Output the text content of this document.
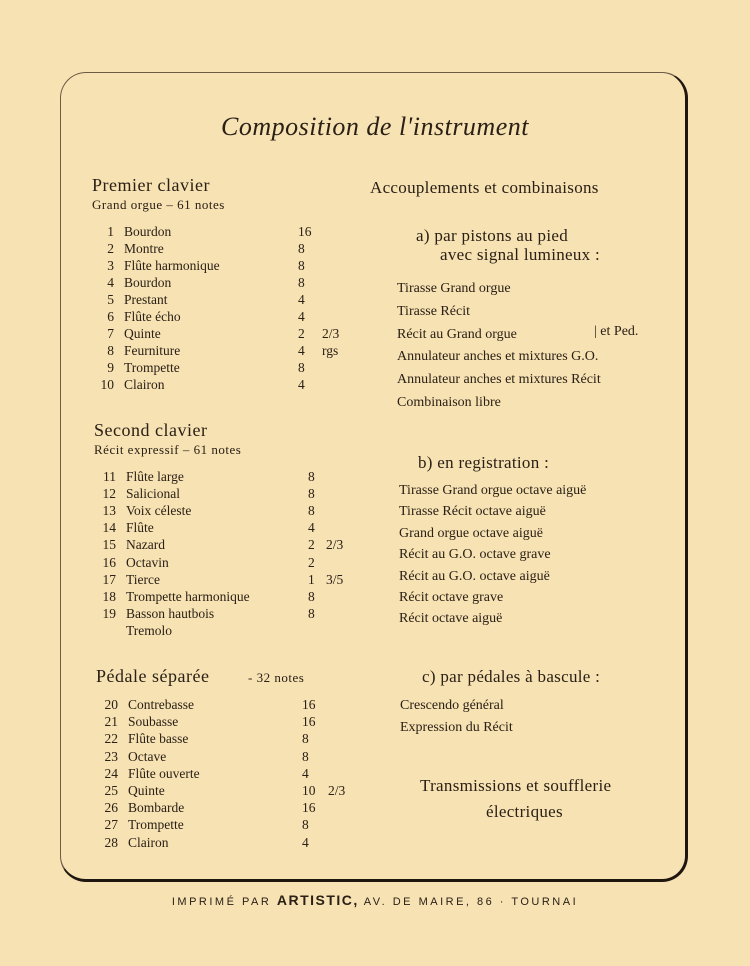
Composition de l'instrument
Premier clavier
Grand orgue – 61 notes
1 Bourdon	16
2 Montre	8
3 Flûte harmonique	8
4 Bourdon	8
5 Prestant	4
6 Flûte écho	4
7 Quinte	2 2/3
8 Feurniture	4 rgs
9 Trompette	8
10 Clairon	4
Second clavier
Récit expressif – 61 notes
11 Flûte large	8
12 Salicional	8
13 Voix céleste	8
14 Flûte	4
15 Nazard	2 2/3
16 Octavin	2
17 Tierce	1 3/5
18 Trompette harmonique	8
19 Basson hautbois	8
Tremolo
Pédale séparée	- 32 notes
20 Contrebasse	16
21 Soubasse	16
22 Flûte basse	8
23 Octave	8
24 Flûte ouverte	4
25 Quinte	10 2/3
26 Bombarde	16
27 Trompette	8
28 Clairon	4
Accouplements et combinaisons
a) par pistons au pied
avec signal lumineux :
Tirasse Grand orgue
Tirasse Récit
Récit au Grand orgue
Annulateur anches et mixtures G.O.
Annulateur anches et mixtures Récit
Combinaison libre
| et Ped.
b) en registration :
Tirasse Grand orgue octave aiguë
Tirasse Récit octave aiguë
Grand orgue octave aiguë
Récit au G.O. octave grave
Récit au G.O. octave aiguë
Récit octave grave
Récit octave aiguë
c) par pédales à bascule :
Crescendo général
Expression du Récit
Transmissions et soufflerie
électriques
IMPRIMÉ PAR ARTISTIC, AV. DE MAIRE, 86 · TOURNAI
